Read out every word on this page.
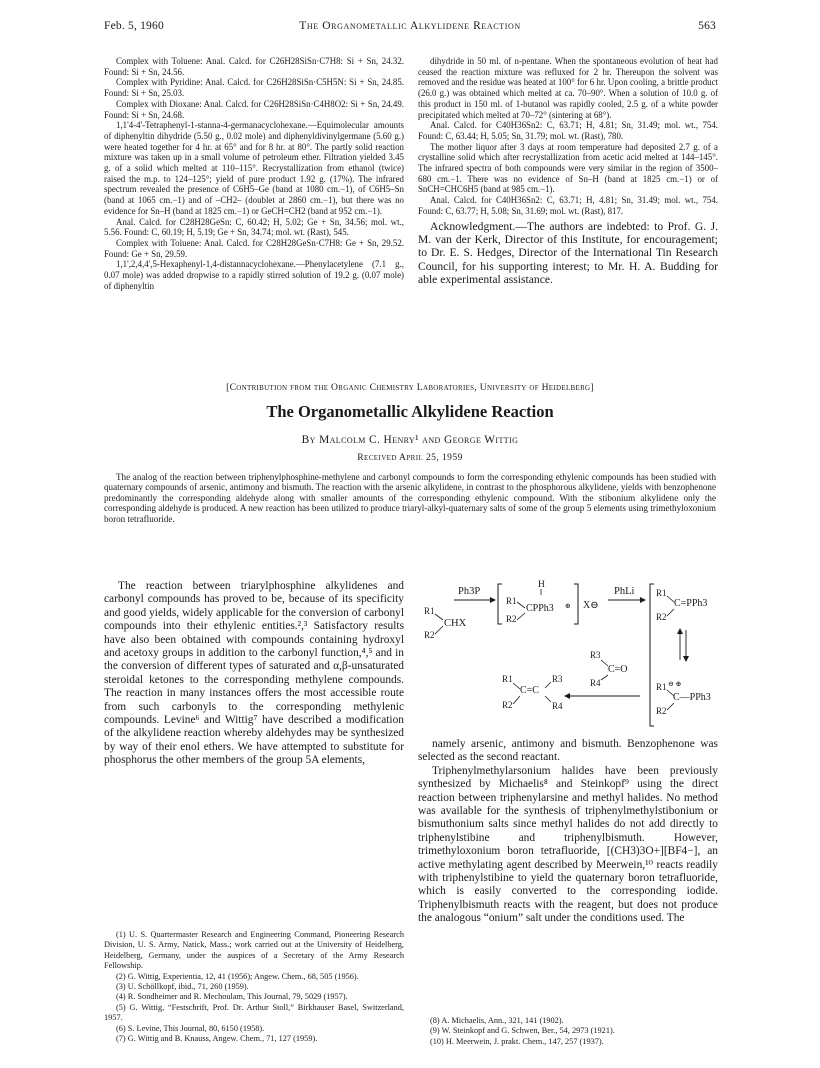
Feb. 5, 1960	The Organometallic Alkylidene Reaction	563

Complex with Toluene: Anal. Calcd. for C26H28SiSn·C7H8: Si + Sn, 24.32. Found: Si + Sn, 24.56.

Complex with Pyridine: Anal. Calcd. for C26H28SiSn·C5H5N: Si + Sn, 24.85. Found: Si + Sn, 25.03.

Complex with Dioxane: Anal. Calcd. for C26H28SiSn·C4H8O2: Si + Sn, 24.49. Found: Si + Sn, 24.68.

1,1'4-4'-Tetraphenyl-1-stanna-4-germanacyclohexane.—Equimolecular amounts of diphenyltin dihydride (5.50 g., 0.02 mole) and diphenyldivinylgermane (5.60 g.) were heated together for 4 hr. at 65° and for 8 hr. at 80°. The partly solid reaction mixture was taken up in a small volume of petroleum ether. Filtration yielded 3.45 g. of a solid which melted at 110–115°. Recrystallization from ethanol (twice) raised the m.p. to 124–125°; yield of pure product 1.92 g. (17%). The infrared spectrum revealed the presence of C6H5–Ge (band at 1080 cm.−1), of C6H5–Sn (band at 1065 cm.−1) and of –CH2– (doublet at 2860 cm.−1), but there was no evidence for Sn–H (band at 1825 cm.−1) or GeCH=CH2 (band at 952 cm.−1).

Anal. Calcd. for C28H28GeSn: C, 60.42; H, 5.02; Ge + Sn, 34.56; mol. wt., 5.56. Found: C, 60.19; H, 5.19; Ge + Sn, 34.74; mol. wt. (Rast), 545.

Complex with Toluene: Anal. Calcd. for C28H28GeSn·C7H8: Ge + Sn, 29.52. Found: Ge + Sn, 29.59.

1,1',2,4,4',5-Hexaphenyl-1,4-distannacyclohexane.—Phenylacetylene (7.1 g., 0.07 mole) was added dropwise to a rapidly stirred solution of 19.2 g. (0.07 mole) of diphenyltin

dihydride in 50 ml. of n-pentane. When the spontaneous evolution of heat had ceased the reaction mixture was refluxed for 2 hr. Thereupon the solvent was removed and the residue was heated at 100° for 6 hr. Upon cooling, a brittle product (26.0 g.) was obtained which melted at ca. 70–90°. When a solution of 10.0 g. of this product in 150 ml. of 1-butanol was rapidly cooled, 2.5 g. of a white powder precipitated which melted at 70–72° (sintering at 68°).

Anal. Calcd. for C40H36Sn2: C, 63.71; H, 4.81; Sn, 31.49; mol. wt., 754. Found: C, 63.44; H, 5.05; Sn, 31.79; mol. wt. (Rast), 780.

The mother liquor after 3 days at room temperature had deposited 2.7 g. of a crystalline solid which after recrystallization from acetic acid melted at 144–145°. The infrared spectra of both compounds were very similar in the region of 3500–680 cm.−1. There was no evidence of Sn–H (band at 1825 cm.−1) or of SnCH=CHC6H5 (band at 985 cm.−1).

Anal. Calcd. for C40H36Sn2: C, 63.71; H, 4.81; Sn, 31.49; mol. wt., 754. Found: C, 63.77; H, 5.08; Sn, 31.69; mol. wt. (Rast), 817.

Acknowledgment.—The authors are indebted: to Prof. G. J. M. van der Kerk, Director of this Institute, for encouragement; to Dr. E. S. Hedges, Director of the International Tin Research Council, for his supporting interest; to Mr. H. A. Budding for able experimental assistance.

[Contribution from the Organic Chemistry Laboratories, University of Heidelberg]
The Organometallic Alkylidene Reaction
By Malcolm C. Henry¹ and George Wittig
Received April 25, 1959

The analog of the reaction between triphenylphosphine-methylene and carbonyl compounds to form the corresponding ethylenic compounds has been studied with quaternary compounds of arsenic, antimony and bismuth. The reaction with the arsenic alkylidene, in contrast to the phosphorous alkylidene, yields with benzophenone predominantly the corresponding aldehyde along with smaller amounts of the corresponding ethylenic compound. With the stibonium alkylidene only the corresponding aldehyde is produced. A new reaction has been utilized to produce triaryl-alkyl-quaternary salts of some of the group 5 elements using trimethyloxonium boron tetrafluoride.

The reaction between triarylphosphine alkylidenes and carbonyl compounds has proved to be, because of its specificity and good yields, widely applicable for the conversion of carbonyl compounds into their ethylenic entities.²,³ Satisfactory results have also been obtained with compounds containing hydroxyl and acetoxy groups in addition to the carbonyl function,⁴,⁵ and in the conversion of different types of saturated and α,β-unsaturated steroidal ketones to the corresponding methylene compounds. The reaction in many instances offers the most accessible route from such carbonyls to the corresponding methylenic compounds. Levine⁶ and Wittig⁷ have described a modification of the alkylidene reaction whereby aldehydes may be synthesized by way of their enol ethers. We have attempted to substitute for phosphorus the other members of the group 5A elements,

Ph3P
R1
CHX
R2
H
R1
CPPh3 ⊕
R2
X⊖
PhLi R1
C=PPh3
R2
⊖ ⊕
R1
C—PPh3
R2
R3
C=O
R4
R1
C=C
R2
R3
R4

namely arsenic, antimony and bismuth. Benzophenone was selected as the second reactant.

Triphenylmethylarsonium halides have been previously synthesized by Michaelis⁸ and Steinkopf⁹ using the direct reaction between triphenylarsine and methyl halides. No method was available for the synthesis of triphenylmethylstibonium or bismuthonium salts since methyl halides do not add directly to triphenylstibine and triphenylbismuth. However, trimethyloxonium boron tetrafluoride, [(CH3)3O+][BF4−], an active methylating agent described by Meerwein,¹⁰ reacts readily with triphenylstibine to yield the quaternary boron tetrafluoride, which is easily converted to the corresponding iodide. Triphenylbismuth reacts with the reagent, but does not produce the analogous “onium” salt under the conditions used. The

(1) U. S. Quartermaster Research and Engineering Command, Pioneering Research Division, U. S. Army, Natick, Mass.; work carried out at the University of Heidelberg, Heidelberg, Germany, under the auspices of a Secretary of the Army Research Fellowship.

(2) G. Wittig, Experientia, 12, 41 (1956); Angew. Chem., 68, 505 (1956).

(3) U. Schöllkopf, ibid., 71, 260 (1959).

(4) R. Sondheimer and R. Mechoulam, This Journal, 79, 5029 (1957).

(5) G. Wittig, “Festschrift, Prof. Dr. Arthur Stoll,” Birkhauser Basel, Switzerland, 1957.

(6) S. Levine, This Journal, 80, 6150 (1958).

(7) G. Wittig and B. Knauss, Angew. Chem., 71, 127 (1959).

(8) A. Michaelis, Ann., 321, 141 (1902).

(9) W. Steinkopf and G. Schwen, Ber., 54, 2973 (1921).

(10) H. Meerwein, J. prakt. Chem., 147, 257 (1937).
